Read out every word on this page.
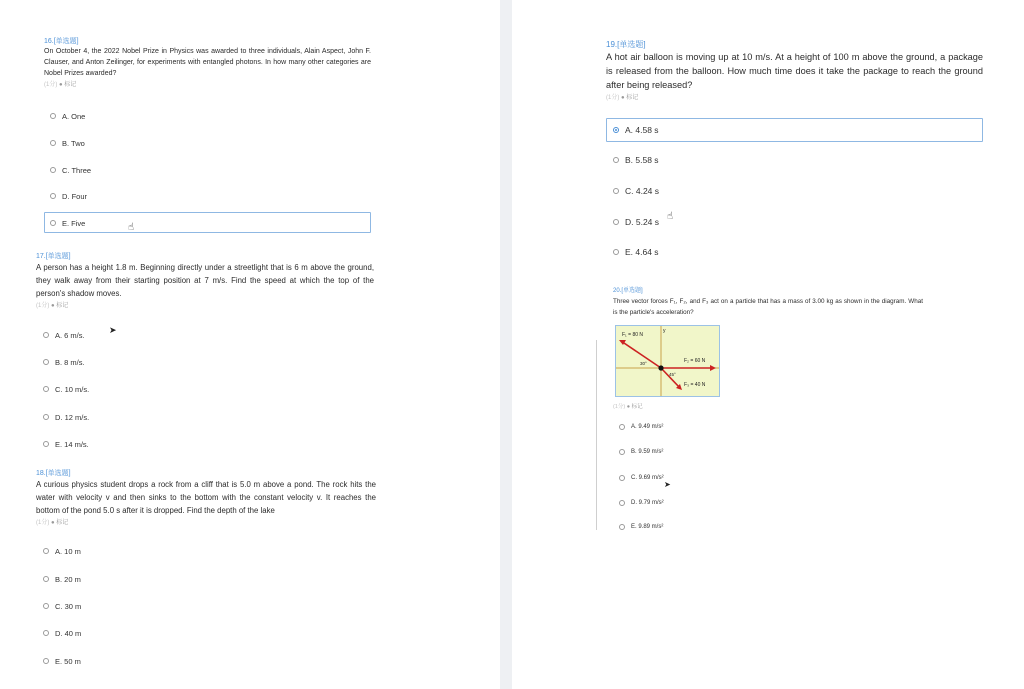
16.[单选题]

On October 4, the 2022 Nobel Prize in Physics was awarded to three individuals, Alain Aspect, John F. Clauser, and Anton Zeilinger, for experiments with entangled photons. In how many other categories are Nobel Prizes awarded?

(1分) ● 标记
A. One
B. Two
C. Three
D. Four
E. Five
17.[单选题]

A person has a height 1.8 m. Beginning directly under a streetlight that is 6 m above the ground, they walk away from their starting position at 7 m/s. Find the speed at which the top of the person's shadow moves.

(1分) ● 标记
A. 6 m/s.
B. 8 m/s.
C. 10 m/s.
D. 12 m/s.
E. 14 m/s.
18.[单选题]

A curious physics student drops a rock from a cliff that is 5.0 m above a pond. The rock hits the water with velocity v and then sinks to the bottom with the constant velocity v. It reaches the bottom of the pond 5.0 s after it is dropped. Find the depth of the lake

(1分) ● 标记
A. 10 m
B. 20 m
C. 30 m
D. 40 m
E. 50 m
☝
➤
19.[单选题]

A hot air balloon is moving up at 10 m/s. At a height of 100 m above the ground, a package is released from the balloon. How much time does it take the package to reach the ground after being released?

(1分) ● 标记
A. 4.58 s
B. 5.58 s
C. 4.24 s
D. 5.24 s
E. 4.64 s
☝
20.[单选题]

Three vector forces F₁, F₂, and F₃ act on a particle that has a mass of 3.00 kg as shown in the diagram. What is the particle's acceleration?

F₁ = 80 N
F₂ = 60 N
F₃ = 40 N
30°
45°
y
(1分) ● 标记
A. 9.49 m/s²
B. 9.59 m/s²
C. 9.69 m/s²
D. 9.79 m/s²
E. 9.89 m/s²
➤
